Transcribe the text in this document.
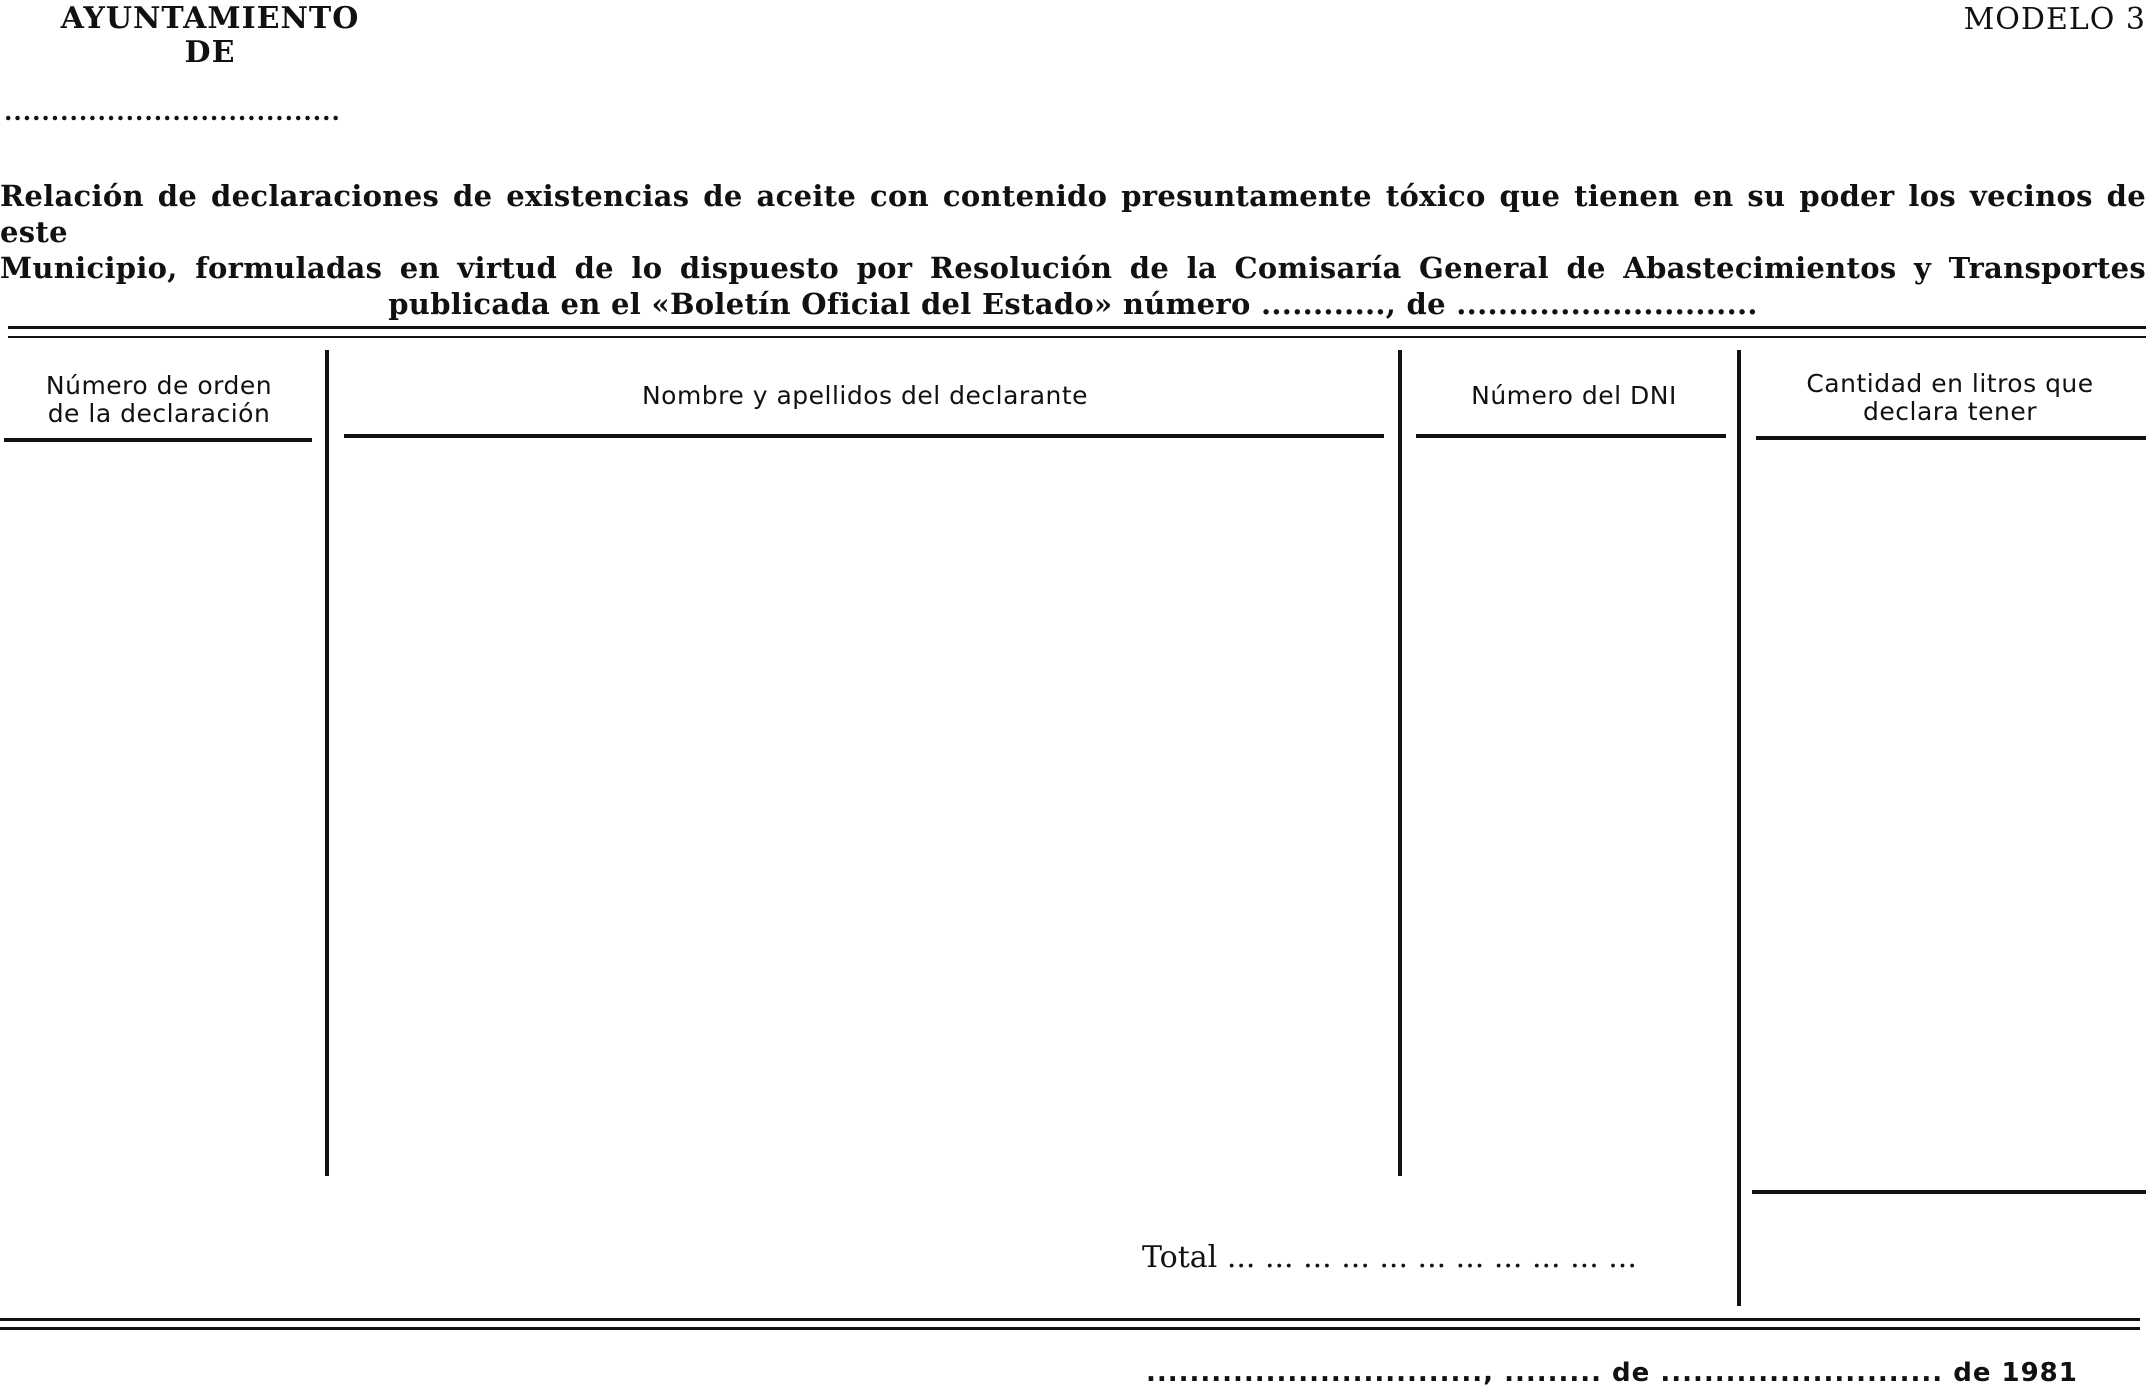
AYUNTAMIENTO
DE
MODELO 3
....................................
Relación de declaraciones de existencias de aceite con contenido presuntamente tóxico que tienen en su poder los vecinos de este
Municipio, formuladas en virtud de lo dispuesto por Resolución de la Comisaría General de Abastecimientos y Transportes
publicada en el «Boletín Oficial del Estado» número ............, de .............................
Número de orden
de la declaración
Nombre y apellidos del declarante	Número del DNI	Cantidad en litros que
declara tener
Total ... ... ... ... ... ... ... ... ... ... ...
..............................., ......... de .......................... de 1981
